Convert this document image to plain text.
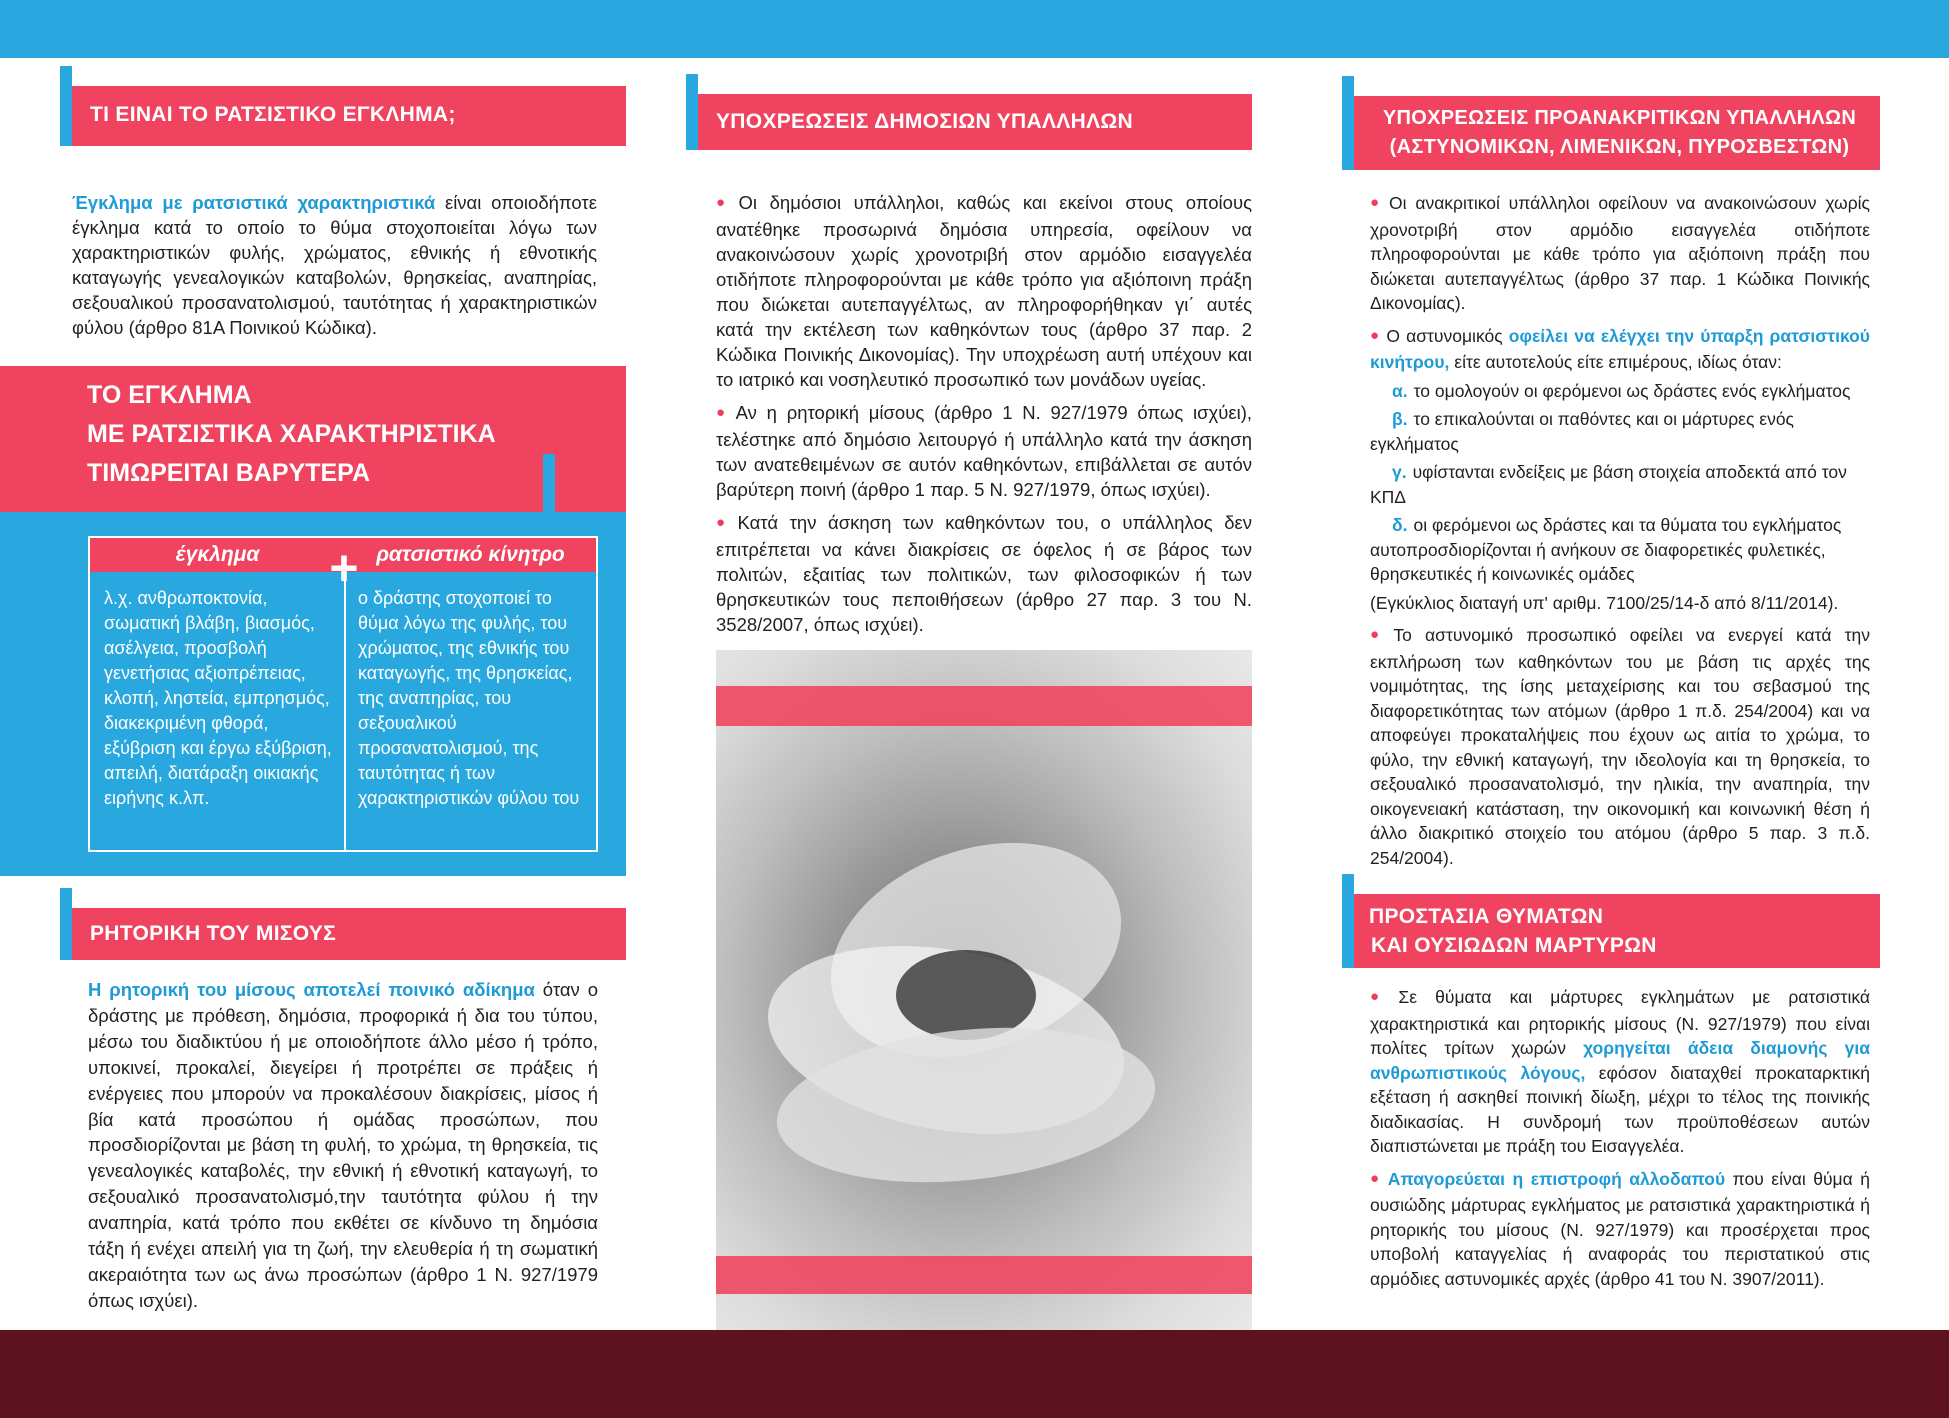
ΤΙ ΕΙΝΑΙ ΤΟ ΡΑΤΣΙΣΤΙΚΟ ΕΓΚΛΗΜΑ;
Έγκλημα με ρατσιστικά χαρακτηριστικά είναι οποιοδήποτε έγκλημα κατά το οποίο το θύμα στοχοποιείται λόγω των χαρακτηριστικών φυλής, χρώματος, εθνικής ή εθνοτικής καταγωγής γενεαλογικών καταβολών, θρησκείας, αναπηρίας, σεξουαλικού προσανατολισμού, ταυτότητας ή χαρακτηριστικών φύλου (άρθρο 81Α Ποινικού Κώδικα).
ΤΟ ΕΓΚΛΗΜΑ
ΜΕ ΡΑΤΣΙΣΤΙΚΑ ΧΑΡΑΚΤΗΡΙΣΤΙΚΑ
ΤΙΜΩΡΕΙΤΑΙ ΒΑΡΥΤΕΡΑ
έγκλημα	ρατσιστικό κίνητρο
+
λ.χ. ανθρωποκτονία, σωματική βλάβη, βιασμός, ασέλγεια, προσβολή γενετήσιας αξιοπρέπειας, κλοπή, ληστεία, εμπρησμός, διακεκριμένη φθορά, εξύβριση και έργω εξύβριση, απειλή, διατάραξη οικιακής ειρήνης κ.λπ.
ο δράστης στοχοποιεί το θύμα λόγω της φυλής, του χρώματος, της εθνικής του καταγωγής, της θρησκείας, της αναπηρίας, του σεξουαλικού προσανατολισμού, της ταυτότητας ή των χαρακτηριστικών φύλου του
ΡΗΤΟΡΙΚΗ ΤΟΥ ΜΙΣΟΥΣ
Η ρητορική του μίσους αποτελεί ποινικό αδίκημα όταν ο δράστης με πρόθεση, δημόσια, προφορικά ή δια του τύπου, μέσω του διαδικτύου ή με οποιοδήποτε άλλο μέσο ή τρόπο, υποκινεί, προκαλεί, διεγείρει ή προτρέπει σε πράξεις ή ενέργειες που μπορούν να προκαλέσουν διακρίσεις, μίσος ή βία κατά προσώπου ή ομάδας προσώπων, που προσδιορίζονται με βάση τη φυλή, το χρώμα, τη θρησκεία, τις γενεαλογικές καταβολές, την εθνική ή εθνοτική καταγωγή, το σεξουαλικό προσανατολισμό,την ταυτότητα φύλου ή την αναπηρία, κατά τρόπο που εκθέτει σε κίνδυνο τη δημόσια τάξη ή ενέχει απειλή για τη ζωή, την ελευθερία ή τη σωματική ακεραιότητα των ως άνω προσώπων (άρθρο 1 Ν. 927/1979 όπως ισχύει).
ΥΠΟΧΡΕΩΣΕΙΣ ΔΗΜΟΣΙΩΝ ΥΠΑΛΛΗΛΩΝ

● Οι δημόσιοι υπάλληλοι, καθώς και εκείνοι στους οποίους ανατέθηκε προσωρινά δημόσια υπηρεσία, οφείλουν να ανακοινώσουν χωρίς χρονοτριβή στον αρμόδιο εισαγγελέα οτιδήποτε πληροφορούνται με κάθε τρόπο για αξιόποινη πράξη που διώκεται αυτεπαγγέλτως, αν πληροφορήθηκαν γι΄ αυτές κατά την εκτέλεση των καθηκόντων τους (άρθρο 37 παρ. 2 Κώδικα Ποινικής Δικονομίας). Την υποχρέωση αυτή υπέχουν και το ιατρικό και νοσηλευτικό προσωπικό των μονάδων υγείας.

● Αν η ρητορική μίσους (άρθρο 1 Ν. 927/1979 όπως ισχύει), τελέστηκε από δημόσιο λειτουργό ή υπάλληλο κατά την άσκηση των ανατεθειμένων σε αυτόν καθηκόντων, επιβάλλεται σε αυτόν βαρύτερη ποινή (άρθρο 1 παρ. 5 Ν. 927/1979, όπως ισχύει).

● Κατά την άσκηση των καθηκόντων του, ο υπάλληλος δεν επιτρέπεται να κάνει διακρίσεις σε όφελος ή σε βάρος των πολιτών, εξαιτίας των πολιτικών, των φιλοσοφικών ή των θρησκευτικών τους πεποιθήσεων (άρθρο 27 παρ. 3 του Ν. 3528/2007, όπως ισχύει).

ΥΠΟΧΡΕΩΣΕΙΣ ΠΡΟΑΝΑΚΡΙΤΙΚΩΝ ΥΠΑΛΛΗΛΩΝ
(ΑΣΤΥΝΟΜΙΚΩΝ, ΛΙΜΕΝΙΚΩΝ, ΠΥΡΟΣΒΕΣΤΩΝ)

● Οι ανακριτικοί υπάλληλοι οφείλουν να ανακοινώσουν χωρίς χρονοτριβή στον αρμόδιο εισαγγελέα οτιδήποτε πληροφορούνται με κάθε τρόπο για αξιόποινη πράξη που διώκεται αυτεπαγγέλτως (άρθρο 37 παρ. 1 Κώδικα Ποινικής Δικονομίας).

● Ο αστυνομικός οφείλει να ελέγχει την ύπαρξη ρατσιστικού κινήτρου, είτε αυτοτελούς είτε επιμέρους, ιδίως όταν:

α. το ομολογούν οι φερόμενοι ως δράστες ενός εγκλήματος
β. το επικαλούνται οι παθόντες και οι μάρτυρες ενός εγκλήματος
γ. υφίστανται ενδείξεις με βάση στοιχεία αποδεκτά από τον ΚΠΔ
δ. οι φερόμενοι ως δράστες και τα θύματα του εγκλήματος αυτοπροσδιορίζονται ή ανήκουν σε διαφορετικές φυλετικές, θρησκευτικές ή κοινωνικές ομάδες

(Εγκύκλιος διαταγή υπ' αριθμ. 7100/25/14-δ από 8/11/2014).

● Το αστυνομικό προσωπικό οφείλει να ενεργεί κατά την εκπλήρωση των καθηκόντων του με βάση τις αρχές της νομιμότητας, της ίσης μεταχείρισης και του σεβασμού της διαφορετικότητας των ατόμων (άρθρο 1 π.δ. 254/2004) και να αποφεύγει προκαταλήψεις που έχουν ως αιτία το χρώμα, το φύλο, την εθνική καταγωγή, την ιδεολογία και τη θρησκεία, το σεξουαλικό προσανατολισμό, την ηλικία, την αναπηρία, την οικογενειακή κατάσταση, την οικονομική και κοινωνική θέση ή άλλο διακριτικό στοιχείο του ατόμου (άρθρο 5 παρ. 3 π.δ. 254/2004).

ΠΡΟΣΤΑΣΙΑ ΘΥΜΑΤΩΝ
ΚΑΙ ΟΥΣΙΩΔΩΝ ΜΑΡΤΥΡΩΝ

● Σε θύματα και μάρτυρες εγκλημάτων με ρατσιστικά χαρακτηριστικά και ρητορικής μίσους (Ν. 927/1979) που είναι πολίτες τρίτων χωρών χορηγείται άδεια διαμονής για ανθρωπιστικούς λόγους, εφόσον διαταχθεί προκαταρκτική εξέταση ή ασκηθεί ποινική δίωξη, μέχρι το τέλος της ποινικής διαδικασίας. Η συνδρομή των προϋποθέσεων αυτών διαπιστώνεται με πράξη του Εισαγγελέα.

● Απαγορεύεται η επιστροφή αλλοδαπού που είναι θύμα ή ουσιώδης μάρτυρας εγκλήματος με ρατσιστικά χαρακτηριστικά ή ρητορικής του μίσους (Ν. 927/1979) και προσέρχεται προς υποβολή καταγγελίας ή αναφοράς του περιστατικού στις αρμόδιες αστυνομικές αρχές (άρθρο 41 του Ν. 3907/2011).
